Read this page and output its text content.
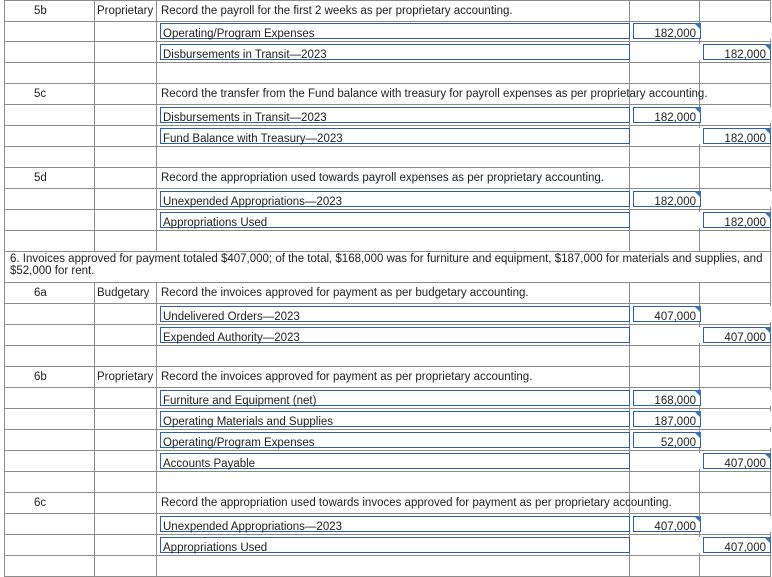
5b	Proprietary Record the payroll for the first 2 weeks as per proprietary accounting.
Operating/Program Expenses	182,000
Disbursements in Transit—2023	182,000
5c	Record the transfer from the Fund balance with treasury for payroll expenses as per proprietary accounting.
Disbursements in Transit—2023	182,000
Fund Balance with Treasury—2023	182,000
5d	Record the appropriation used towards payroll expenses as per proprietary accounting.
Unexpended Appropriations—2023	182,000
Appropriations Used	182,000
6. Invoices approved for payment totaled $407,000; of the total, $168,000 was for furniture and equipment, $187,000 for materials and supplies, and $52,000 for rent.
6a	Budgetary Record the invoices approved for payment as per budgetary accounting.
Undelivered Orders—2023	407,000
Expended Authority—2023	407,000
6b	Proprietary Record the invoices approved for payment as per proprietary accounting.
Furniture and Equipment (net)	168,000
Operating Materials and Supplies	187,000
Operating/Program Expenses	52,000
Accounts Payable	407,000
6c	Record the appropriation used towards invoces approved for payment as per proprietary accounting.
Unexpended Appropriations—2023	407,000
Appropriations Used	407,000
